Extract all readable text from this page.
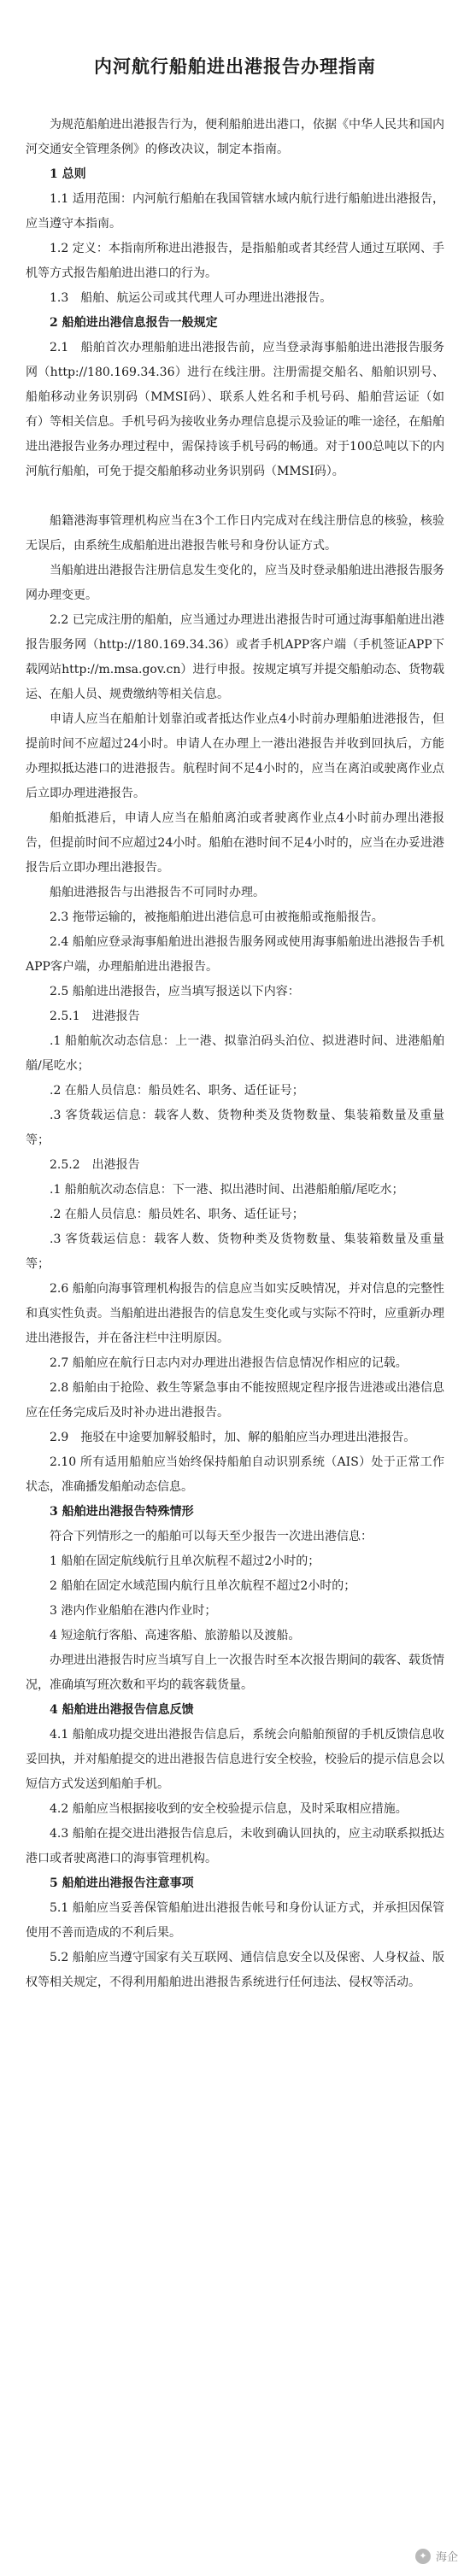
内河航行船舶进出港报告办理指南

为规范船舶进出港报告行为，便利船舶进出港口，依据《中华人民共和国内河交通安全管理条例》的修改决议，制定本指南。

1 总则

1.1 适用范围：内河航行船舶在我国管辖水域内航行进行船舶进出港报告，应当遵守本指南。

1.2 定义：本指南所称进出港报告，是指船舶或者其经营人通过互联网、手机等方式报告船舶进出港口的行为。

1.3　船舶、航运公司或其代理人可办理进出港报告。

2 船舶进出港信息报告一般规定

2.1　船舶首次办理船舶进出港报告前，应当登录海事船舶进出港报告服务网（http://180.169.34.36）进行在线注册。注册需提交船名、船舶识别号、船舶移动业务识别码（MMSI码）、联系人姓名和手机号码、船舶营运证（如有）等相关信息。手机号码为接收业务办理信息提示及验证的唯一途径，在船舶进出港报告业务办理过程中，需保持该手机号码的畅通。对于100总吨以下的内河航行船舶，可免于提交船舶移动业务识别码（MMSI码）。

船籍港海事管理机构应当在3个工作日内完成对在线注册信息的核验，核验无误后，由系统生成船舶进出港报告帐号和身份认证方式。

当船舶进出港报告注册信息发生变化的，应当及时登录船舶进出港报告服务网办理变更。

2.2 已完成注册的船舶，应当通过办理进出港报告时可通过海事船舶进出港报告服务网（http://180.169.34.36）或者手机APP客户端（手机签证APP下载网站http://m.msa.gov.cn）进行申报。按规定填写并提交船舶动态、货物载运、在船人员、规费缴纳等相关信息。

申请人应当在船舶计划靠泊或者抵达作业点4小时前办理船舶进港报告，但提前时间不应超过24小时。申请人在办理上一港出港报告并收到回执后，方能办理拟抵达港口的进港报告。航程时间不足4小时的，应当在离泊或驶离作业点后立即办理进港报告。

船舶抵港后，申请人应当在船舶离泊或者驶离作业点4小时前办理出港报告，但提前时间不应超过24小时。船舶在港时间不足4小时的，应当在办妥进港报告后立即办理出港报告。

船舶进港报告与出港报告不可同时办理。

2.3 拖带运输的，被拖船舶进出港信息可由被拖船或拖船报告。

2.4 船舶应登录海事船舶进出港报告服务网或使用海事船舶进出港报告手机APP客户端，办理船舶进出港报告。

2.5 船舶进出港报告，应当填写报送以下内容：

2.5.1　进港报告

.1 船舶航次动态信息：上一港、拟靠泊码头泊位、拟进港时间、进港船舶艏/尾吃水；

.2 在船人员信息：船员姓名、职务、适任证号；

.3 客货载运信息：载客人数、货物种类及货物数量、集装箱数量及重量等；

2.5.2　出港报告

.1 船舶航次动态信息：下一港、拟出港时间、出港船舶艏/尾吃水；

.2 在船人员信息：船员姓名、职务、适任证号；

.3 客货载运信息：载客人数、货物种类及货物数量、集装箱数量及重量等；

2.6 船舶向海事管理机构报告的信息应当如实反映情况，并对信息的完整性和真实性负责。当船舶进出港报告的信息发生变化或与实际不符时，应重新办理进出港报告，并在备注栏中注明原因。

2.7 船舶应在航行日志内对办理进出港报告信息情况作相应的记载。

2.8 船舶由于抢险、救生等紧急事由不能按照规定程序报告进港或出港信息应在任务完成后及时补办进出港报告。

2.9　拖驳在中途要加解驳船时，加、解的船舶应当办理进出港报告。

2.10 所有适用船舶应当始终保持船舶自动识别系统（AIS）处于正常工作状态，准确播发船舶动态信息。

3 船舶进出港报告特殊情形

符合下列情形之一的船舶可以每天至少报告一次进出港信息：

1 船舶在固定航线航行且单次航程不超过2小时的；

2 船舶在固定水域范围内航行且单次航程不超过2小时的；

3 港内作业船舶在港内作业时；

4 短途航行客船、高速客船、旅游船以及渡船。

办理进出港报告时应当填写自上一次报告时至本次报告期间的载客、载货情况，准确填写班次数和平均的载客载货量。

4 船舶进出港报告信息反馈

4.1 船舶成功提交进出港报告信息后，系统会向船舶预留的手机反馈信息收妥回执，并对船舶提交的进出港报告信息进行安全校验，校验后的提示信息会以短信方式发送到船舶手机。

4.2 船舶应当根据接收到的安全校验提示信息，及时采取相应措施。

4.3 船舶在提交进出港报告信息后，未收到确认回执的，应主动联系拟抵达港口或者驶离港口的海事管理机构。

5 船舶进出港报告注意事项

5.1 船舶应当妥善保管船舶进出港报告帐号和身份认证方式，并承担因保管使用不善而造成的不利后果。

5.2 船舶应当遵守国家有关互联网、通信信息安全以及保密、人身权益、版权等相关规定，不得利用船舶进出港报告系统进行任何违法、侵权等活动。

✦ 海企
